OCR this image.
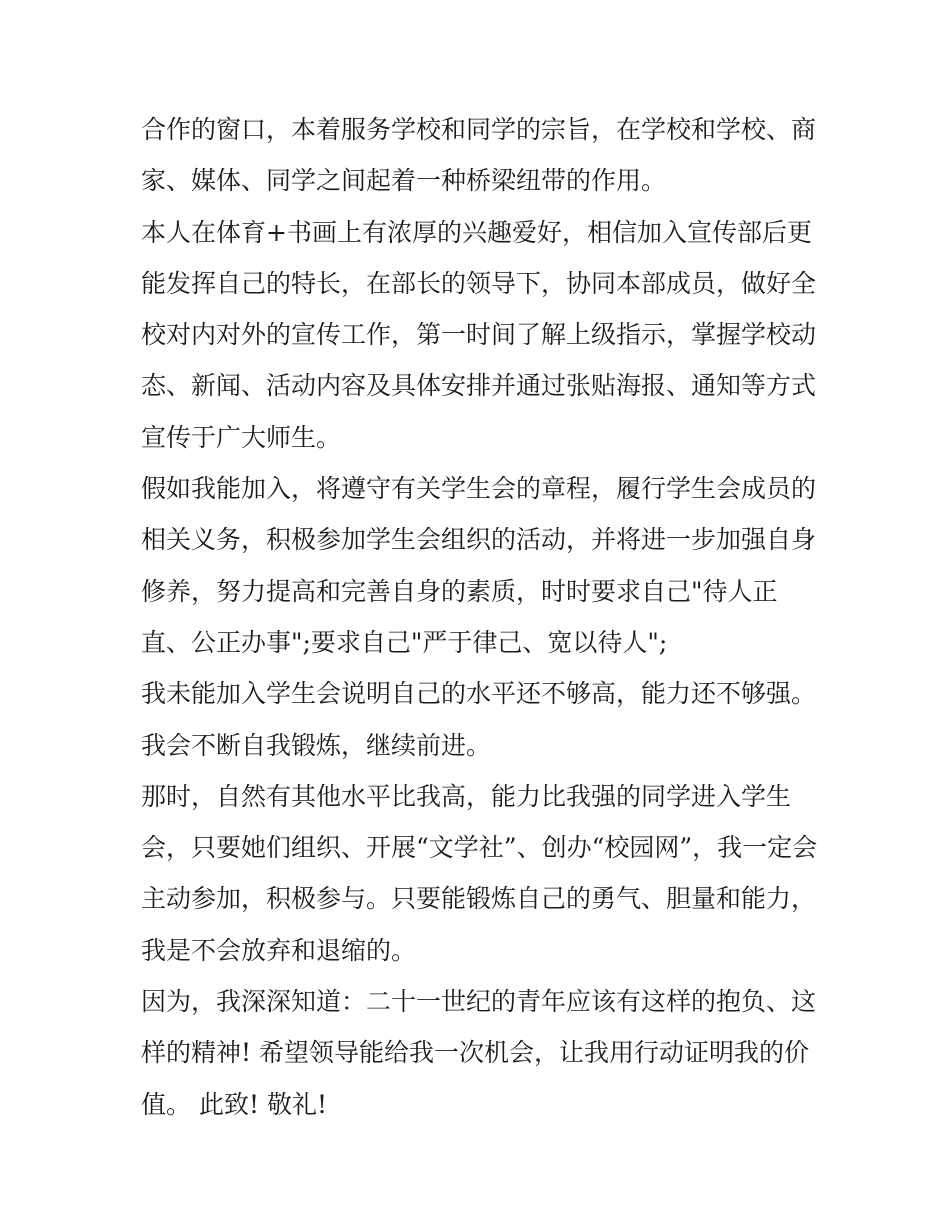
合作的窗口，本着服务学校和同学的宗旨，在学校和学校、商
家、媒体、同学之间起着一种桥梁纽带的作用。
本人在体育+书画上有浓厚的兴趣爱好，相信加入宣传部后更
能发挥自己的特长，在部长的领导下，协同本部成员，做好全
校对内对外的宣传工作，第一时间了解上级指示，掌握学校动
态、新闻、活动内容及具体安排并通过张贴海报、通知等方式
宣传于广大师生。
假如我能加入，将遵守有关学生会的章程，履行学生会成员的
相关义务，积极参加学生会组织的活动，并将进一步加强自身
修养，努力提高和完善自身的素质，时时要求自己"待人正
直、公正办事";要求自己"严于律己、宽以待人";
我未能加入学生会说明自己的水平还不够高，能力还不够强。
我会不断自我锻炼，继续前进。
那时，自然有其他水平比我高，能力比我强的同学进入学生
会，只要她们组织、开展“文学社”、创办“校园网”，我一定会
主动参加，积极参与。只要能锻炼自己的勇气、胆量和能力，
我是不会放弃和退缩的。
因为，我深深知道：二十一世纪的青年应该有这样的抱负、这
样的精神! 希望领导能给我一次机会，让我用行动证明我的价
值。 此致! 敬礼!
